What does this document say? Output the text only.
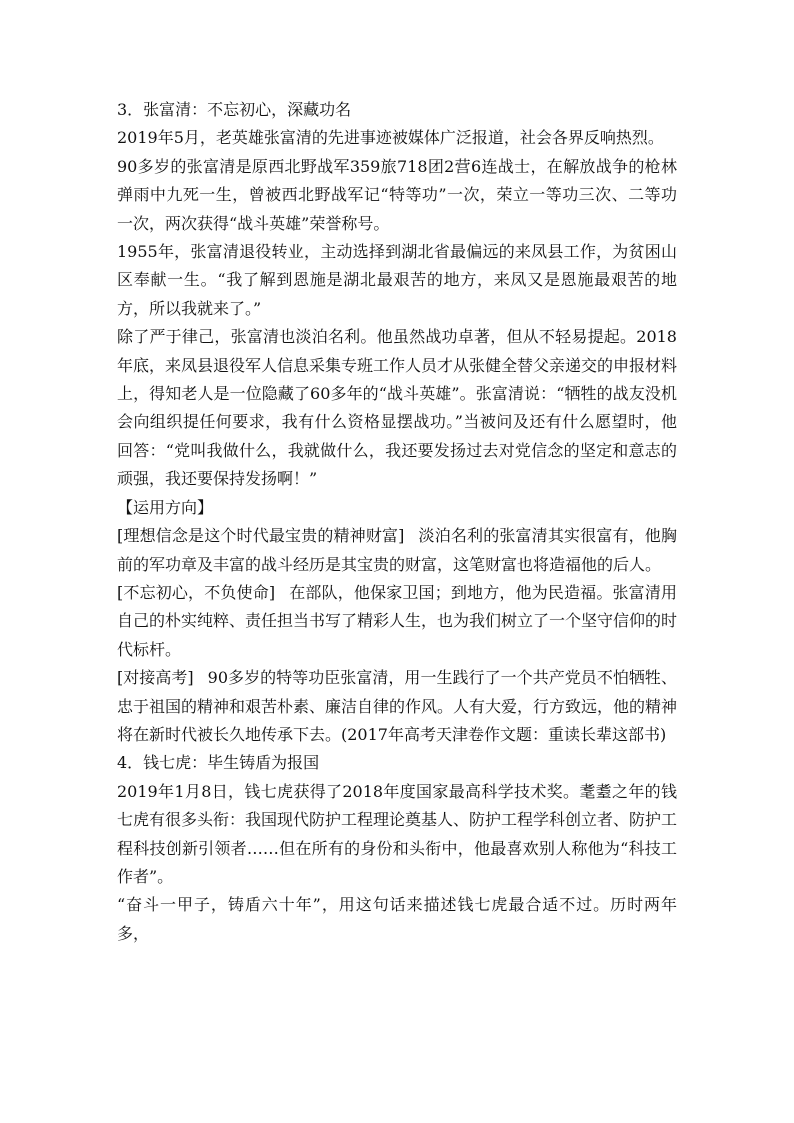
3．张富清：不忘初心，深藏功名

2019年5月，老英雄张富清的先进事迹被媒体广泛报道，社会各界反响热烈。

90多岁的张富清是原西北野战军359旅718团2营6连战士，在解放战争的枪林弹雨中九死一生，曾被西北野战军记“特等功”一次，荣立一等功三次、二等功一次，两次获得“战斗英雄”荣誉称号。

1955年，张富清退役转业，主动选择到湖北省最偏远的来凤县工作，为贫困山区奉献一生。“我了解到恩施是湖北最艰苦的地方，来凤又是恩施最艰苦的地方，所以我就来了。”

除了严于律己，张富清也淡泊名利。他虽然战功卓著，但从不轻易提起。2018年底，来凤县退役军人信息采集专班工作人员才从张健全替父亲递交的申报材料上，得知老人是一位隐藏了60多年的“战斗英雄”。张富清说：“牺牲的战友没机会向组织提任何要求，我有什么资格显摆战功。”当被问及还有什么愿望时，他回答：“党叫我做什么，我就做什么，我还要发扬过去对党信念的坚定和意志的顽强，我还要保持发扬啊！”

【运用方向】

[理想信念是这个时代最宝贵的精神财富] 淡泊名利的张富清其实很富有，他胸前的军功章及丰富的战斗经历是其宝贵的财富，这笔财富也将造福他的后人。

[不忘初心，不负使命] 在部队，他保家卫国；到地方，他为民造福。张富清用自己的朴实纯粹、责任担当书写了精彩人生，也为我们树立了一个坚守信仰的时代标杆。

[对接高考] 90多岁的特等功臣张富清，用一生践行了一个共产党员不怕牺牲、忠于祖国的精神和艰苦朴素、廉洁自律的作风。人有大爱，行方致远，他的精神将在新时代被长久地传承下去。(2017年高考天津卷作文题：重读长辈这部书)

4．钱七虎：毕生铸盾为报国

2019年1月8日，钱七虎获得了2018年度国家最高科学技术奖。耄耋之年的钱七虎有很多头衔：我国现代防护工程理论奠基人、防护工程学科创立者、防护工程科技创新引领者……但在所有的身份和头衔中，他最喜欢别人称他为“科技工作者”。

“奋斗一甲子，铸盾六十年”，用这句话来描述钱七虎最合适不过。历时两年多，
